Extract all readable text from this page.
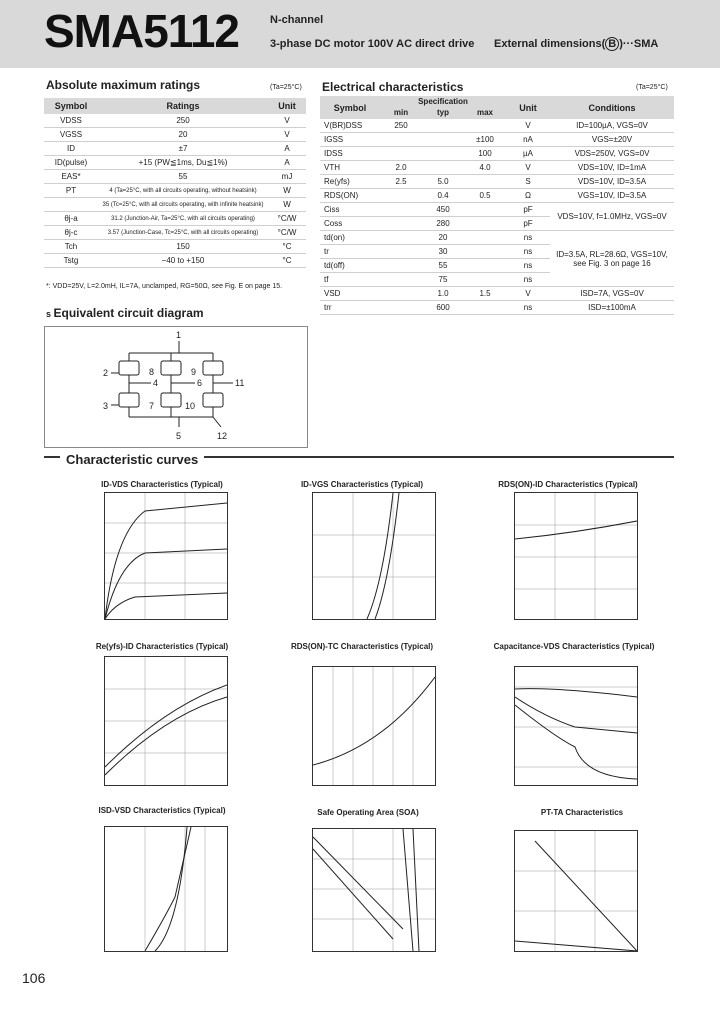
SMA5112	N-channel
3-phase DC motor 100V AC direct drive External dimensions( B )···SMA
Absolute maximum ratings	(Ta=25°C)
Symbol	Ratings	Unit
VDSS	250	V
VGSS	20	V
ID	±7	A
ID(pulse)	+15 (PW≦1ms, Du≦1%)	A
EAS*	55	mJ
PT	4 (Ta=25°C, with all circuits operating, without heatsink)	W
	35 (Tc=25°C, with all circuits operating, with infinite heatsink)	W
θj-a	31.2 (Junction-Air, Ta=25°C, with all circuits operating)	°C/W
θj-c	3.57 (Junction-Case, Tc=25°C, with all circuits operating)	°C/W
Tch	150	°C
Tstg	−40 to +150	°C
*: VDD=25V, L=2.0mH, IL=7A, unclamped, RG=50Ω, see Fig. E on page 15.
Electrical characteristics	(Ta=25°C)
Symbol	Specification			Unit	Conditions
	min	typ	max		
V(BR)DSS	250			V	ID=100µA, VGS=0V
IGSS			±100	nA	VGS=±20V
IDSS			100	µA	VDS=250V, VGS=0V
VTH	2.0		4.0	V	VDS=10V, ID=1mA
Re(yfs)	2.5	5.0		S	VDS=10V, ID=3.5A
RDS(ON)		0.4	0.5	Ω	VGS=10V, ID=3.5A
Ciss		450		pF	VDS=10V, f=1.0MHz, VGS=0V
Coss		280		pF	
td(on)		20		ns	ID=3.5A, RL=28.6Ω, VGS=10V, see Fig. 3 on page 16
tr		30		ns	
td(off)		55		ns	
tf		75		ns	
VSD		1.0	1.5	V	ISD=7A, VGS=0V
trr		600		ns	ISD=±100mA
s Equivalent circuit diagram
1
2
3
4
5
6
7
8	9
10
11
12
Characteristic curves
ID-VDS Characteristics (Typical)	ID-VGS Characteristics (Typical)	RDS(ON)-ID Characteristics (Typical)
Re(yfs)-ID Characteristics (Typical)	RDS(ON)-TC Characteristics (Typical)	Capacitance-VDS Characteristics (Typical)
ISD-VSD Characteristics (Typical)	Safe Operating Area (SOA)	PT-TA Characteristics
106
